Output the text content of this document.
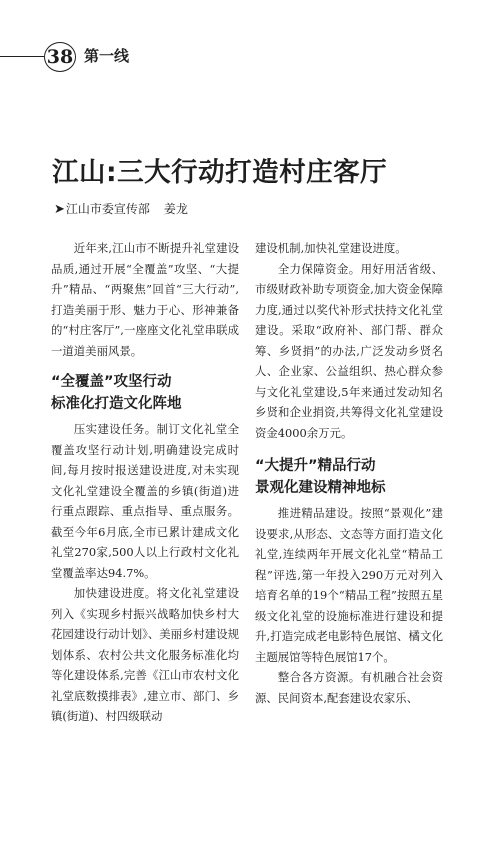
38 第一线
江山:三大行动打造村庄客厅
➤江山市委宣传部 姜龙

近年来,江山市不断提升礼堂建设品质,通过开展“全覆盖”攻坚、“大提升”精品、“两聚焦”回首“三大行动”,打造美丽于形、魅力于心、形神兼备的“村庄客厅”,一座座文化礼堂串联成一道道美丽风景。

“全覆盖”攻坚行动
标准化打造文化阵地

压实建设任务。制订文化礼堂全覆盖攻坚行动计划,明确建设完成时间,每月按时报送建设进度,对未实现文化礼堂建设全覆盖的乡镇(街道)进行重点跟踪、重点指导、重点服务。截至今年6月底,全市已累计建成文化礼堂270家,500人以上行政村文化礼堂覆盖率达94.7%。

加快建设进度。将文化礼堂建设列入《实现乡村振兴战略加快乡村大花园建设行动计划》、美丽乡村建设规划体系、农村公共文化服务标准化均等化建设体系,完善《江山市农村文化礼堂底数摸排表》,建立市、部门、乡镇(街道)、村四级联动

建设机制,加快礼堂建设进度。

全力保障资金。用好用活省级、市级财政补助专项资金,加大资金保障力度,通过以奖代补形式扶持文化礼堂建设。采取“政府补、部门帮、群众筹、乡贤捐”的办法,广泛发动乡贤名人、企业家、公益组织、热心群众参与文化礼堂建设,5年来通过发动知名乡贤和企业捐资,共筹得文化礼堂建设资金4000余万元。

“大提升”精品行动
景观化建设精神地标

推进精品建设。按照“景观化”建设要求,从形态、文态等方面打造文化礼堂,连续两年开展文化礼堂“精品工程”评选,第一年投入290万元对列入培育名单的19个“精品工程”按照五星级文化礼堂的设施标准进行建设和提升,打造完成老电影特色展馆、橘文化主题展馆等特色展馆17个。

整合各方资源。有机融合社会资源、民间资本,配套建设农家乐、
